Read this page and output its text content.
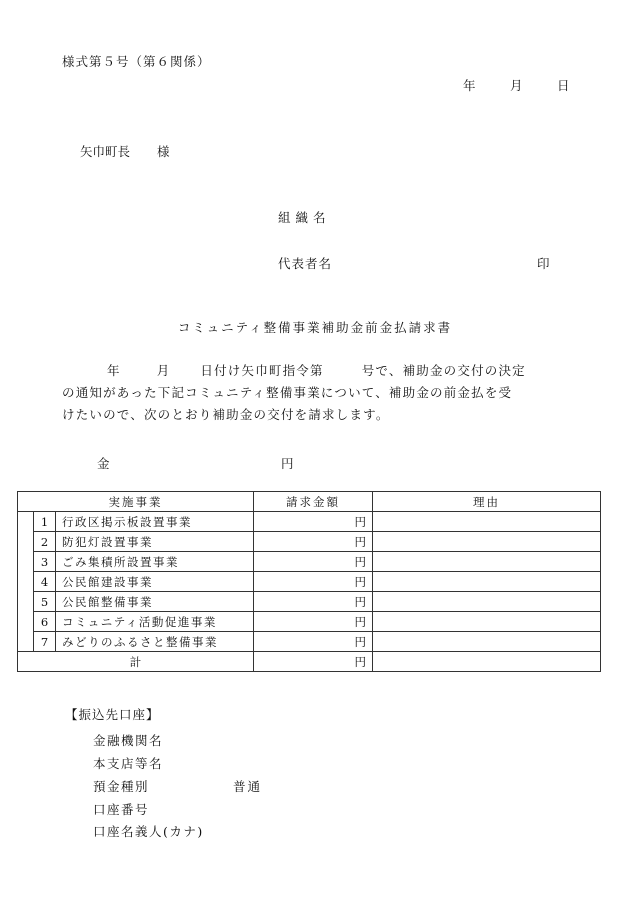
様式第５号（第６関係）
年	月	日
矢巾町長 様
組織名
代表者名	印
コミュニティ整備事業補助金前金払請求書
年	月 日付け矢巾町指令第	号で、補助金の交付の決定
の通知があった下記コミュニティ整備事業について、補助金の前金払を受
けたいので、次のとおり補助金の交付を請求します。
金	円
実施事業			請求金額	理由
	1	行政区掲示板設置事業	円	
	2	防犯灯設置事業	円	
	3	ごみ集積所設置事業	円	
	4	公民館建設事業	円	
	5	公民館整備事業	円	
	6	コミュニティ活動促進事業	円	
	7	みどりのふるさと整備事業	円	
計			円	
【振込先口座】
金融機関名
本支店等名
預金種別	普通
口座番号
口座名義人(カナ)
